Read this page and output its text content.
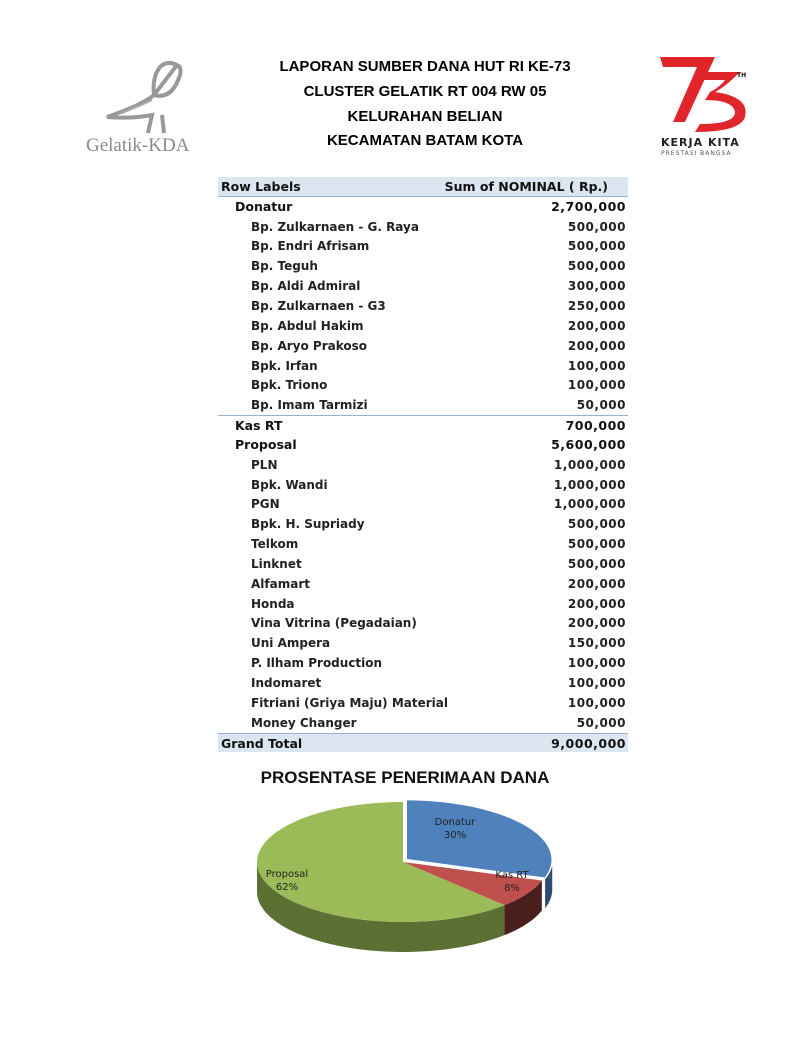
Gelatik-KDA
LAPORAN SUMBER DANA HUT RI KE-73
CLUSTER GELATIK RT 004 RW 05
KELURAHAN BELIAN
KECAMATAN BATAM KOTA
TH
KERJA KITA
PRESTASI BANGSA
Row Labels	Sum of NOMINAL ( Rp.)
Donatur	2,700,000
Bp. Zulkarnaen - G. Raya	500,000
Bp. Endri Afrisam	500,000
Bp. Teguh	500,000
Bp. Aldi Admiral	300,000
Bp. Zulkarnaen - G3	250,000
Bp. Abdul Hakim	200,000
Bp. Aryo Prakoso	200,000
Bpk. Irfan	100,000
Bpk. Triono	100,000
Bp. Imam Tarmizi	50,000
Kas RT	700,000
Proposal	5,600,000
PLN	1,000,000
Bpk. Wandi	1,000,000
PGN	1,000,000
Bpk. H. Supriady	500,000
Telkom	500,000
Linknet	500,000
Alfamart	200,000
Honda	200,000
Vina Vitrina (Pegadaian)	200,000
Uni Ampera	150,000
P. Ilham Production	100,000
Indomaret	100,000
Fitriani (Griya Maju) Material	100,000
Money Changer	50,000
Grand Total	9,000,000
PROSENTASE PENERIMAAN DANA
Donatur
30%
Kas RT
8%
Proposal
62%
